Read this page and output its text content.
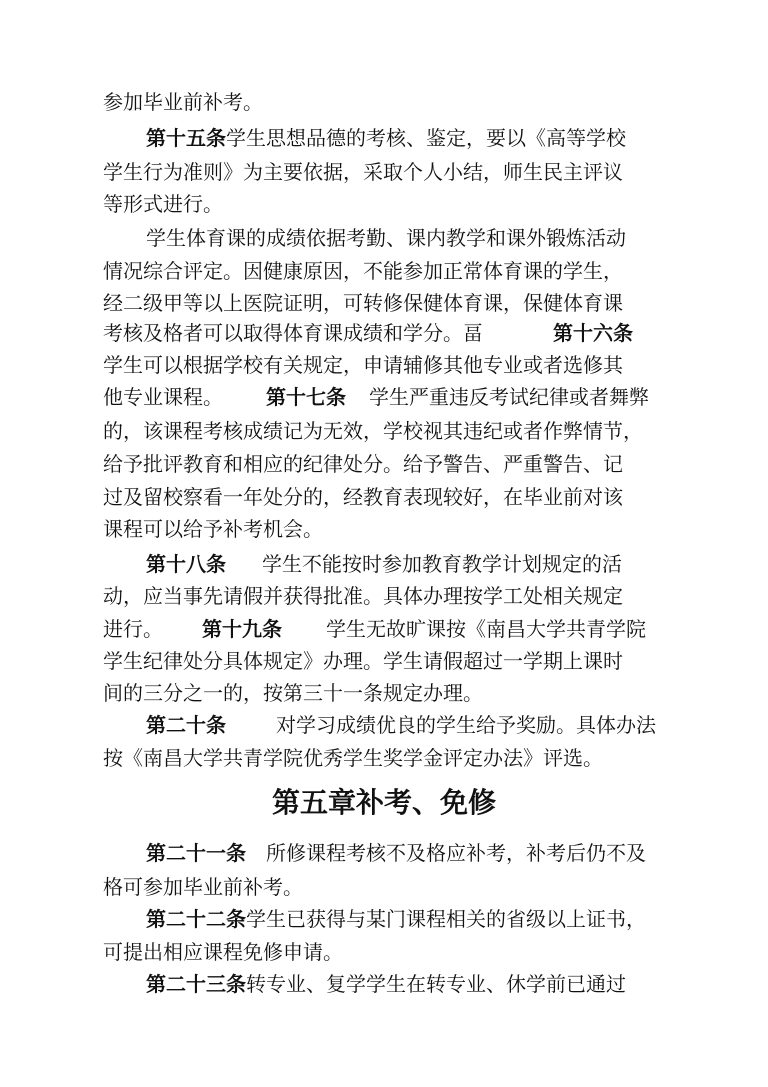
参加毕业前补考。
第十五条 学生思想品德的考核、鉴定，要以《高等学校
学生行为准则》为主要依据，采取个人小结，师生民主评议
等形式进行。
学生体育课的成绩依据考勤、课内教学和课外锻炼活动
情况综合评定。因健康原因，不能参加正常体育课的学生，
经二级甲等以上医院证明，可转修保健体育课，保健体育课
考核及格者可以取得体育课成绩和学分。畐	第十六条
学生可以根据学校有关规定，申请辅修其他专业或者选修其
他专业课程。 第十七条 学生严重违反考试纪律或者舞弊
的，该课程考核成绩记为无效，学校视其违纪或者作弊情节，
给予批评教育和相应的纪律处分。给予警告、严重警告、记
过及留校察看一年处分的，经教育表现较好，在毕业前对该
课程可以给予补考机会。
第十八条 学生不能按时参加教育教学计划规定的活
动，应当事先请假并获得批准。具体办理按学工处相关规定
进行。 第十九条 学生无故旷课按《南昌大学共青学院
学生纪律处分具体规定》办理。学生请假超过一学期上课时
间的三分之一的，按第三十一条规定办理。
第二十条	对学习成绩优良的学生给予奖励。具体办法
按《南昌大学共青学院优秀学生奖学金评定办法》评选。
第五章补考、免修
第二十一条 所修课程考核不及格应补考，补考后仍不及
格可参加毕业前补考。
第二十二条 学生已获得与某门课程相关的省级以上证书，
可提出相应课程免修申请。
第二十三条 转专业、复学学生在转专业、休学前已通过
